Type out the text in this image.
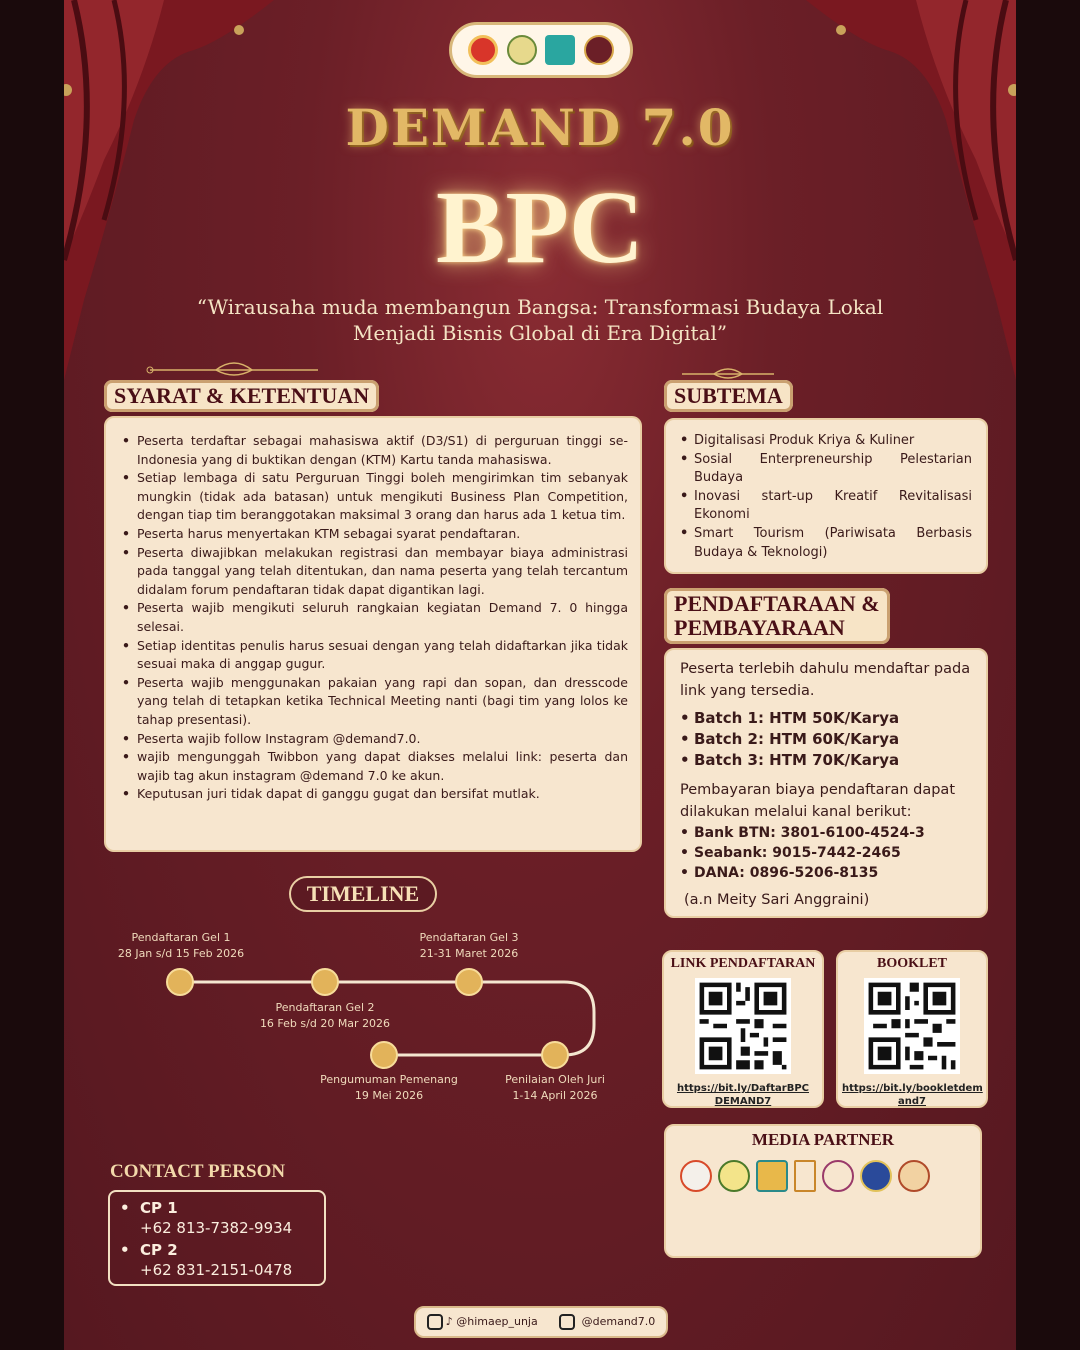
DEMAND 7.0
BPC
“Wirausaha muda membangun Bangsa: Transformasi Budaya Lokal
Menjadi Bisnis Global di Era Digital”
SYARAT & KETENTUAN
• Peserta terdaftar sebagai mahasiswa aktif (D3/S1) di perguruan tinggi se-Indonesia yang di buktikan dengan (KTM) Kartu tanda mahasiswa.
• Setiap lembaga di satu Perguruan Tinggi boleh mengirimkan tim sebanyak mungkin (tidak ada batasan) untuk mengikuti Business Plan Competition, dengan tiap tim beranggotakan maksimal 3 orang dan harus ada 1 ketua tim.
• Peserta harus menyertakan KTM sebagai syarat pendaftaran.
• Peserta diwajibkan melakukan registrasi dan membayar biaya administrasi pada tanggal yang telah ditentukan, dan nama peserta yang telah tercantum didalam forum pendaftaran tidak dapat digantikan lagi.
• Peserta wajib mengikuti seluruh rangkaian kegiatan Demand 7. 0 hingga selesai.
• Setiap identitas penulis harus sesuai dengan yang telah didaftarkan jika tidak sesuai maka di anggap gugur.
• Peserta wajib menggunakan pakaian yang rapi dan sopan, dan dresscode yang telah di tetapkan ketika Technical Meeting nanti (bagi tim yang lolos ke tahap presentasi).
• Peserta wajib follow Instagram @demand7.0.
• wajib mengunggah Twibbon yang dapat diakses melalui link: peserta dan wajib tag akun instagram @demand 7.0 ke akun.
• Keputusan juri tidak dapat di ganggu gugat dan bersifat mutlak.
SUBTEMA
• Digitalisasi Produk Kriya & Kuliner
• Sosial Enterpreneurship Pelestarian Budaya
• Inovasi start-up Kreatif Revitalisasi Ekonomi
• Smart Tourism (Pariwisata Berbasis Budaya & Teknologi)
PENDAFTARAAN &
PEMBAYARAAN

Peserta terlebih dahulu mendaftar pada link yang tersedia.

• Batch 1: HTM 50K/Karya
• Batch 2: HTM 60K/Karya
• Batch 3: HTM 70K/Karya

Pembayaran biaya pendaftaran dapat dilakukan melalui kanal berikut:

• Bank BTN: 3801-6100-4524-3
• Seabank: 9015-7442-2465
• DANA: 0896-5206-8135

(a.n Meity Sari Anggraini)

TIMELINE
Pendaftaran Gel 1
28 Jan s/d 15 Feb 2026
Pendaftaran Gel 3
21-31 Maret 2026
Pendaftaran Gel 2
16 Feb s/d 20 Mar 2026
Pengumuman Pemenang
19 Mei 2026
Penilaian Oleh Juri
1-14 April 2026
LINK PENDAFTARAN
https://bit.ly/DaftarBPC
DEMAND7
BOOKLET
https://bit.ly/bookletdem
and7
MEDIA PARTNER
CONTACT PERSON
• CP 1
+62 813-7382-9934
• CP 2
+62 831-2151-0478
♪ @himaep_unja	@demand7.0
